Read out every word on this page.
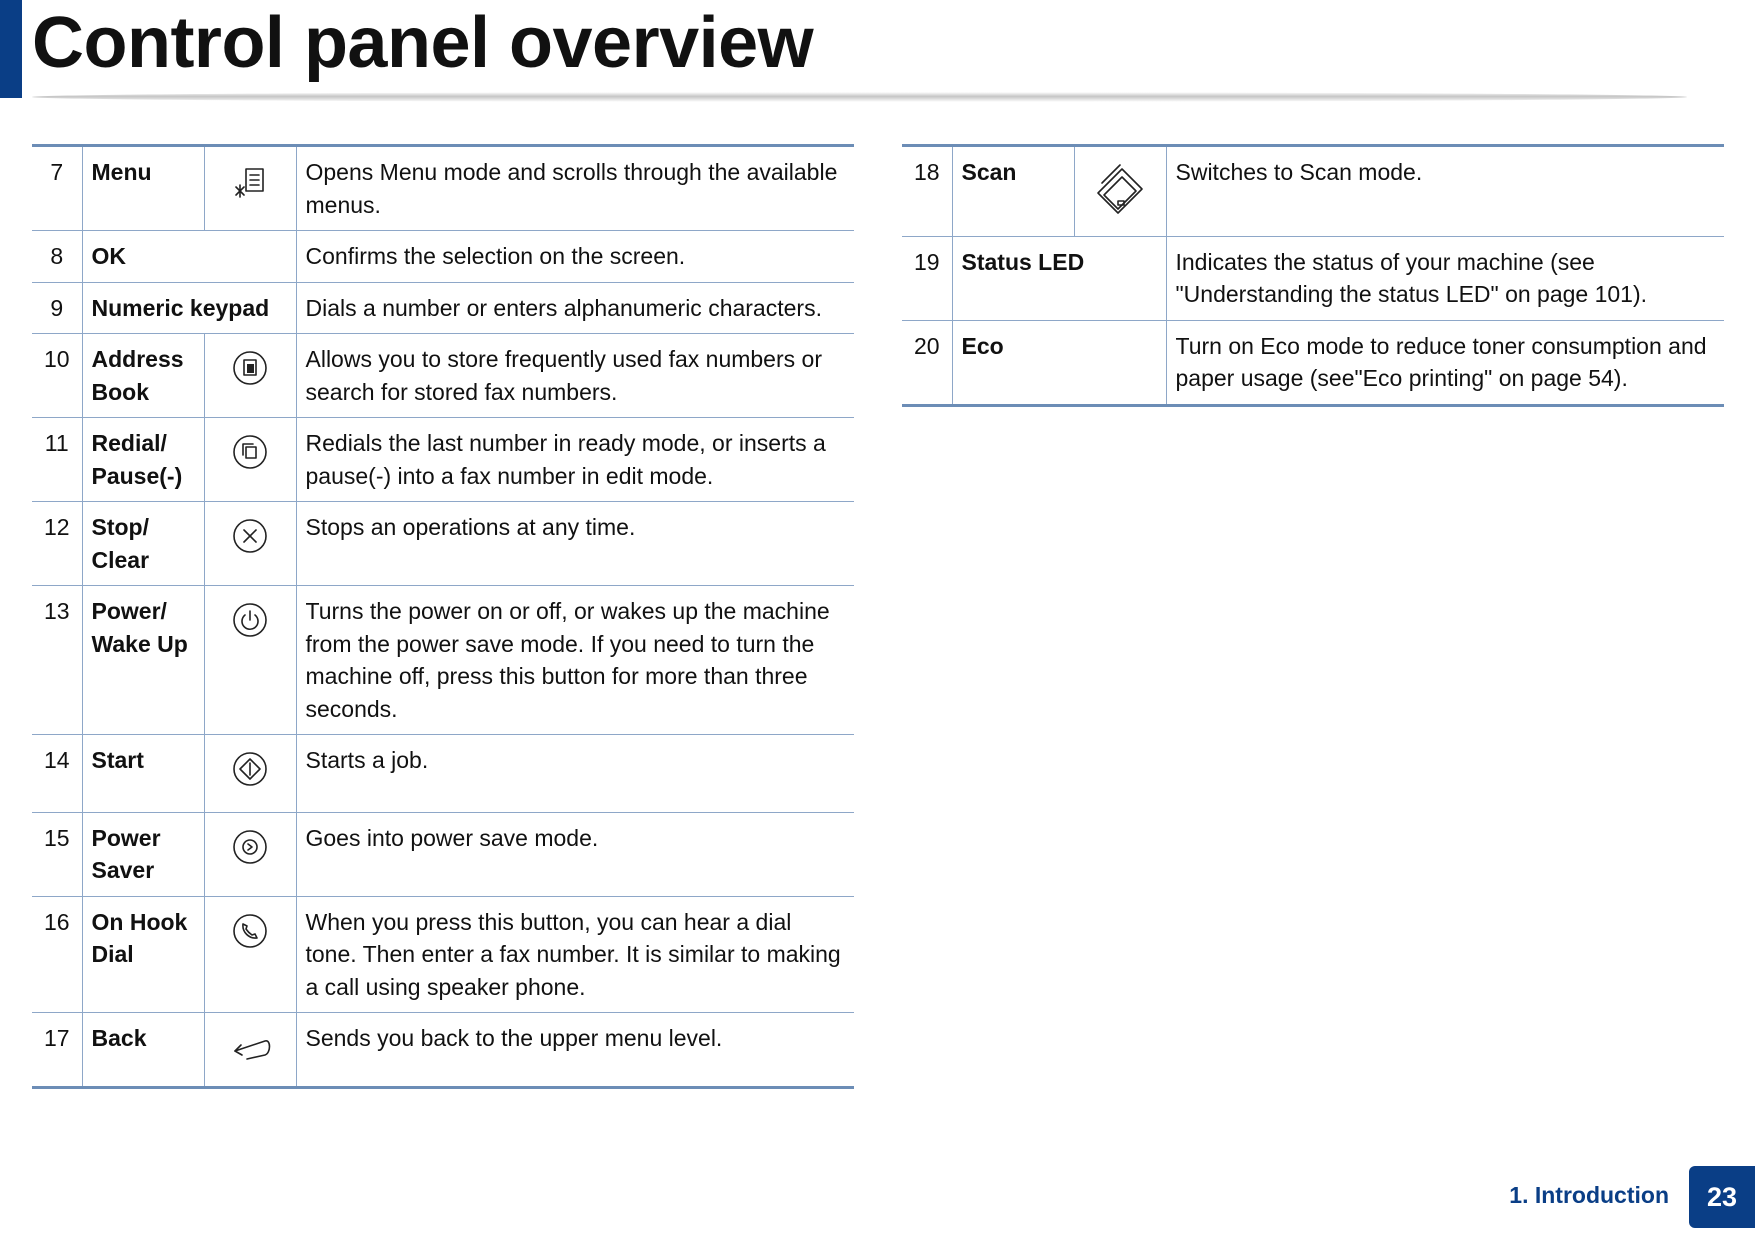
Control panel overview
7	Menu		Opens Menu mode and scrolls through the available menus.
8	OK		Confirms the selection on the screen.
9	Numeric keypad		Dials a number or enters alphanumeric characters.
10	Address Book		Allows you to store frequently used fax numbers or search for stored fax numbers.
11	Redial/ Pause(-)		Redials the last number in ready mode, or inserts a pause(-) into a fax number in edit mode.
12	Stop/ Clear		Stops an operations at any time.
13	Power/ Wake Up		Turns the power on or off, or wakes up the machine from the power save mode. If you need to turn the machine off, press this button for more than three seconds.
14	Start		Starts a job.
15	Power Saver		Goes into power save mode.
16	On Hook Dial		When you press this button, you can hear a dial tone. Then enter a fax number. It is similar to making a call using speaker phone.
17	Back		Sends you back to the upper menu level.
18	Scan		Switches to Scan mode.
19	Status LED		Indicates the status of your machine (see "Understanding the status LED" on page 101).
20	Eco		Turn on Eco mode to reduce toner consumption and paper usage (see"Eco printing" on page 54).
1. Introduction	23
